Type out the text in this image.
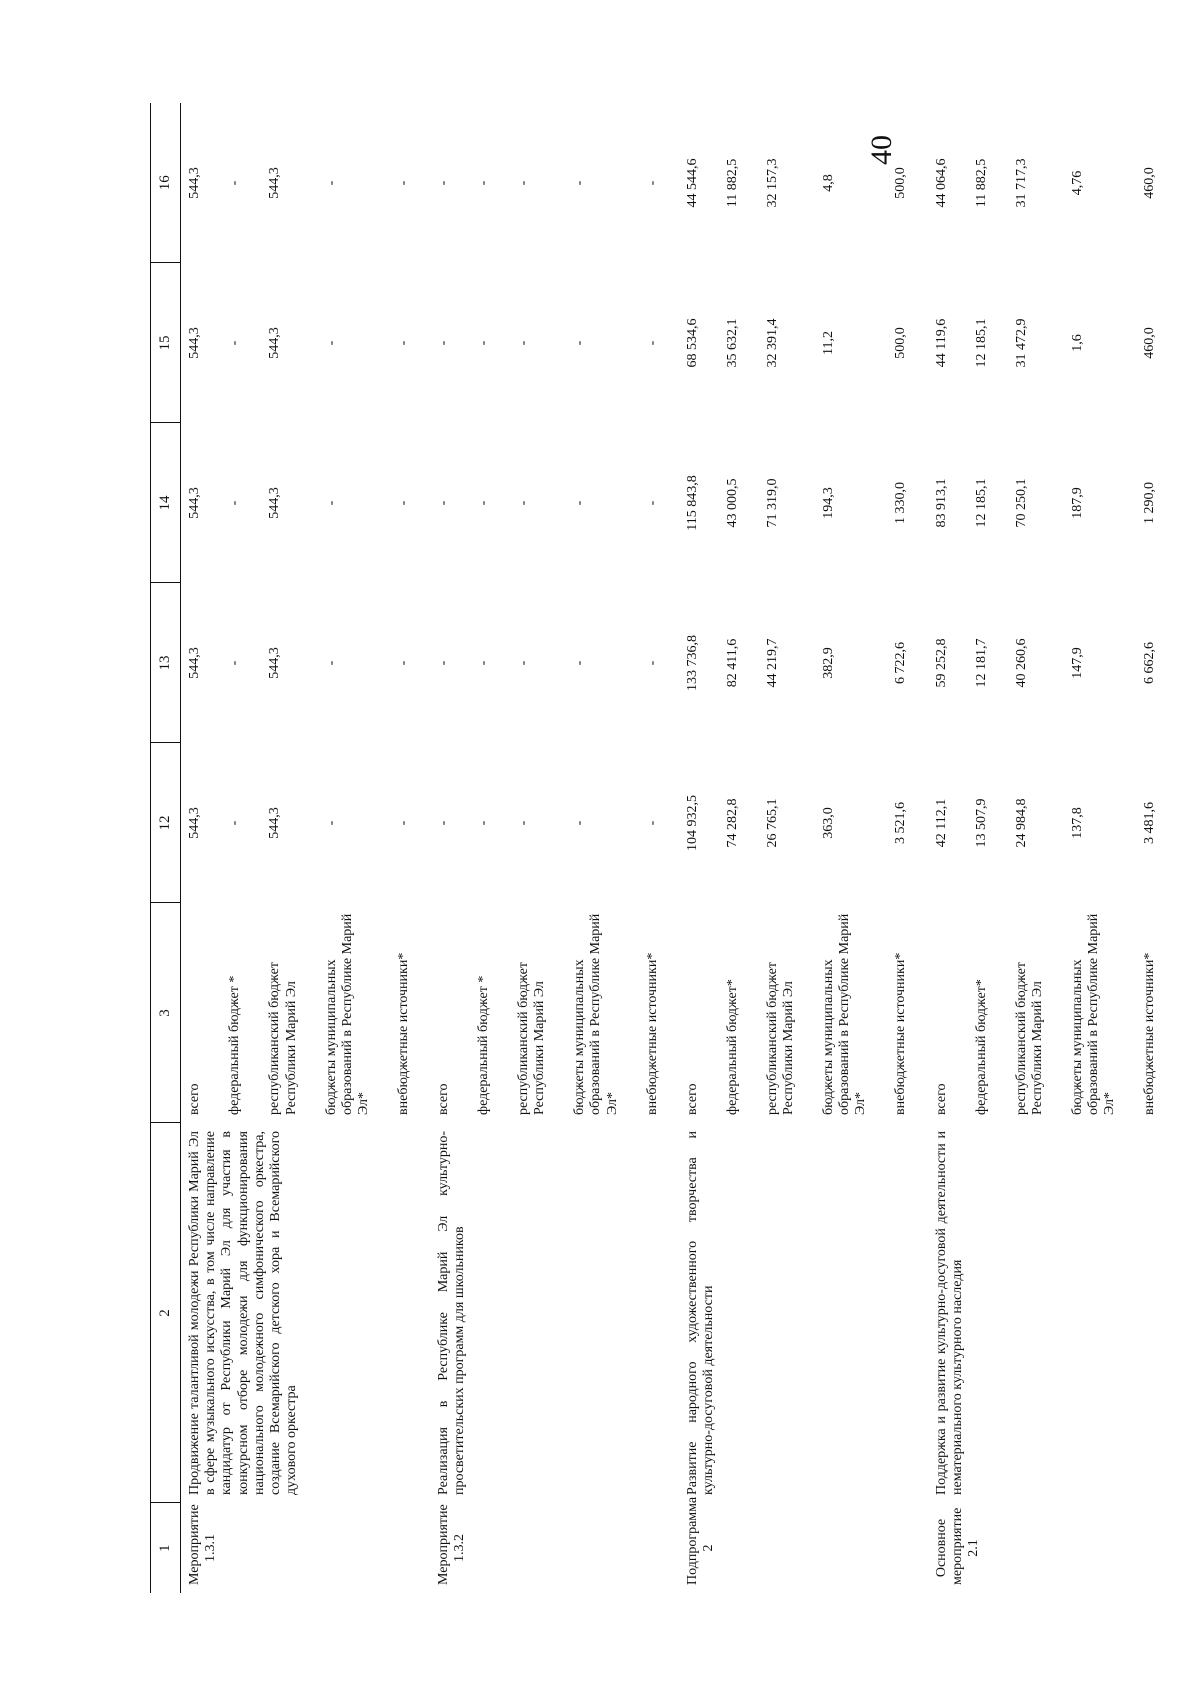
40
1	2	3	12	13	14	15	16
Мероприятие 1.3.1	Продвижение талантливой молодежи Республики Марий Эл в сфере музыкального искусства, в том числе направление кандидатур от Республики Марий Эл для участия в конкурсном отборе молодежи для функционирования национального молодежного симфонического оркестра, создание Всемарийского детского хора и Всемарийского духового оркестра	всего	544,3	544,3	544,3	544,3	544,3
		федеральный бюджет *	-	-	-	-	-
		республиканский бюджет Республики Марий Эл	544,3	544,3	544,3	544,3	544,3
		бюджеты муниципальных образований в Республике Марий Эл*	-	-	-	-	-
		внебюджетные источники*	-	-	-	-	-
Мероприятие 1.3.2	Реализация в Республике Марий Эл культурно-просветительских программ для школьников	всего	-	-	-	-	-
		федеральный бюджет *	-	-	-	-	-
		республиканский бюджет Республики Марий Эл	-	-	-	-	-
		бюджеты муниципальных образований в Республике Марий Эл*	-	-	-	-	-
		внебюджетные источники*	-	-	-	-	-
Подпрограмма 2	Развитие народного художественного творчества и культурно-досуговой деятельности	всего	104 932,5	133 736,8	115 843,8	68 534,6	44 544,6
		федеральный бюджет*	74 282,8	82 411,6	43 000,5	35 632,1	11 882,5
		республиканский бюджет Республики Марий Эл	26 765,1	44 219,7	71 319,0	32 391,4	32 157,3
		бюджеты муниципальных образований в Республике Марий Эл*	363,0	382,9	194,3	11,2	4,8
		внебюджетные источники*	3 521,6	6 722,6	1 330,0	500,0	500,0
Основное мероприятие 2.1	Поддержка и развитие культурно-досуговой деятельности и нематериального культурного наследия	всего	42 112,1	59 252,8	83 913,1	44 119,6	44 064,6
		федеральный бюджет*	13 507,9	12 181,7	12 185,1	12 185,1	11 882,5
		республиканский бюджет Республики Марий Эл	24 984,8	40 260,6	70 250,1	31 472,9	31 717,3
		бюджеты муниципальных образований в Республике Марий Эл*	137,8	147,9	187,9	1,6	4,76
		внебюджетные источники*	3 481,6	6 662,6	1 290,0	460,0	460,0
